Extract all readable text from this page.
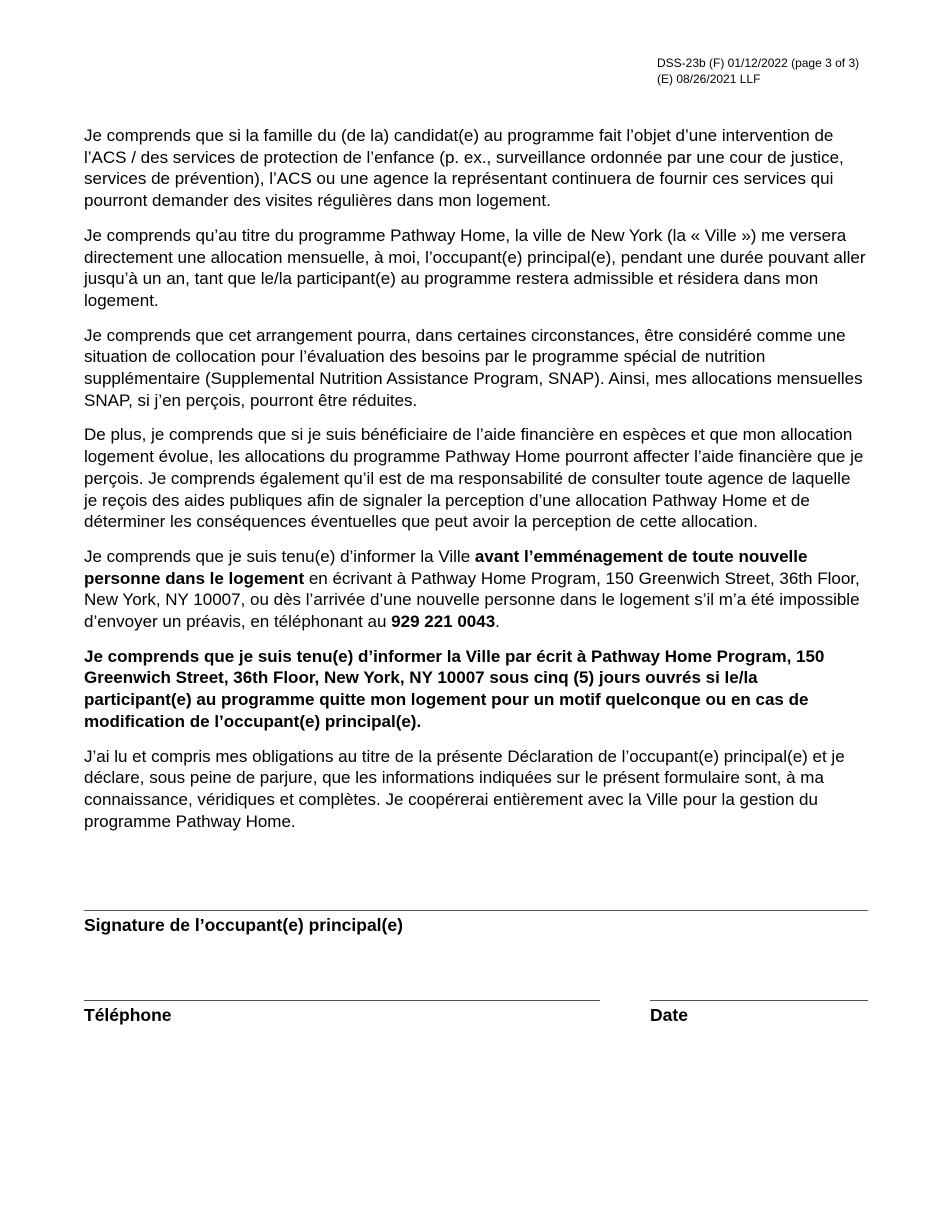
DSS-23b (F) 01/12/2022 (page 3 of 3)
(E) 08/26/2021 LLF

Je comprends que si la famille du (de la) candidat(e) au programme fait l’objet d’une intervention de l’ACS / des services de protection de l’enfance (p. ex., surveillance ordonnée par une cour de justice, services de prévention), l’ACS ou une agence la représentant continuera de fournir ces services qui pourront demander des visites régulières dans mon logement.

Je comprends qu’au titre du programme Pathway Home, la ville de New York (la « Ville ») me versera directement une allocation mensuelle, à moi, l’occupant(e) principal(e), pendant une durée pouvant aller jusqu’à un an, tant que le/la participant(e) au programme restera admissible et résidera dans mon logement.

Je comprends que cet arrangement pourra, dans certaines circonstances, être considéré comme une situation de collocation pour l’évaluation des besoins par le programme spécial de nutrition supplémentaire (Supplemental Nutrition Assistance Program, SNAP). Ainsi, mes allocations mensuelles SNAP, si j’en perçois, pourront être réduites.

De plus, je comprends que si je suis bénéficiaire de l’aide financière en espèces et que mon allocation logement évolue, les allocations du programme Pathway Home pourront affecter l’aide financière que je perçois. Je comprends également qu’il est de ma responsabilité de consulter toute agence de laquelle je reçois des aides publiques afin de signaler la perception d’une allocation Pathway Home et de déterminer les conséquences éventuelles que peut avoir la perception de cette allocation.

Je comprends que je suis tenu(e) d’informer la Ville avant l’emménagement de toute nouvelle personne dans le logement en écrivant à Pathway Home Program, 150 Greenwich Street, 36th Floor, New York, NY 10007, ou dès l’arrivée d’une nouvelle personne dans le logement s’il m’a été impossible d’envoyer un préavis, en téléphonant au 929 221 0043.

Je comprends que je suis tenu(e) d’informer la Ville par écrit à Pathway Home Program, 150 Greenwich Street, 36th Floor, New York, NY 10007 sous cinq (5) jours ouvrés si le/la participant(e) au programme quitte mon logement pour un motif quelconque ou en cas de modification de l’occupant(e) principal(e).

J’ai lu et compris mes obligations au titre de la présente Déclaration de l’occupant(e) principal(e) et je déclare, sous peine de parjure, que les informations indiquées sur le présent formulaire sont, à ma connaissance, véridiques et complètes. Je coopérerai entièrement avec la Ville pour la gestion du programme Pathway Home.

Signature de l’occupant(e) principal(e)
Téléphone	Date
